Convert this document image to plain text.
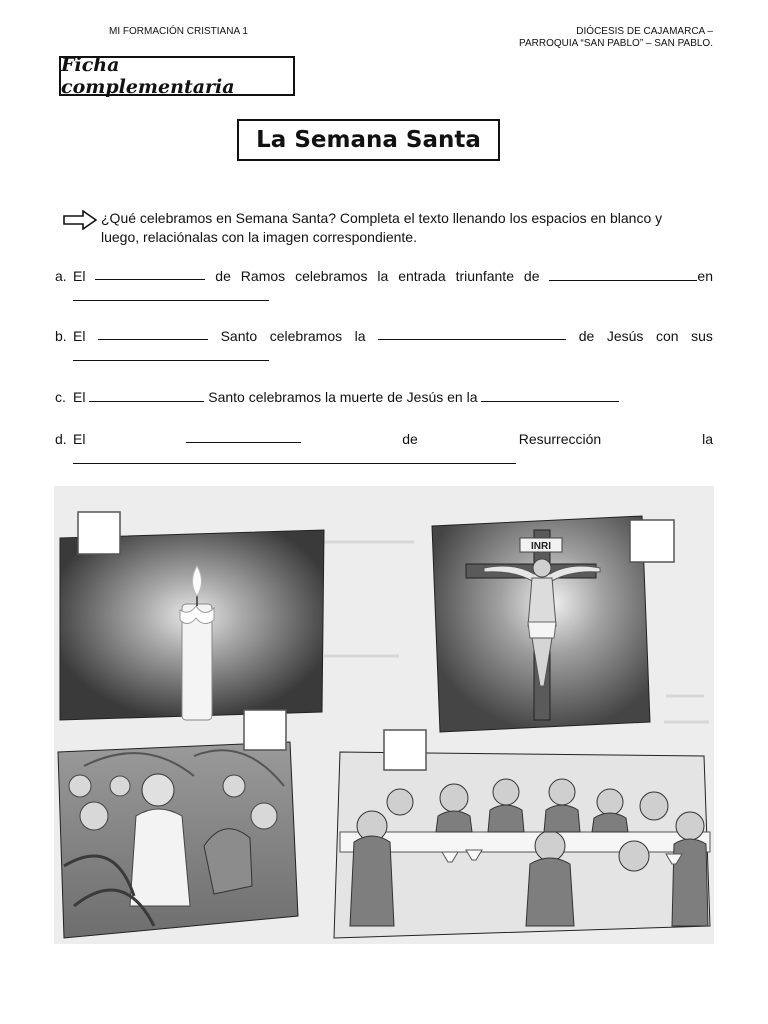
MI FORMACIÓN CRISTIANA 1	DIÓCESIS DE CAJAMARCA –
PARROQUIA “SAN PABLO” – SAN PABLO.
Ficha complementaria
La Semana Santa
¿Qué celebramos en Semana Santa? Completa el texto llenando los espacios en blanco y
luego, relaciónalas con la imagen correspondiente.
a. El	de Ramos celebramos la entrada triunfante de	en
b. El	Santo celebramos la	de Jesús con sus
c. El	Santo celebramos la muerte de Jesús en la
d. El	de	Resurrección	la
.
INRI
